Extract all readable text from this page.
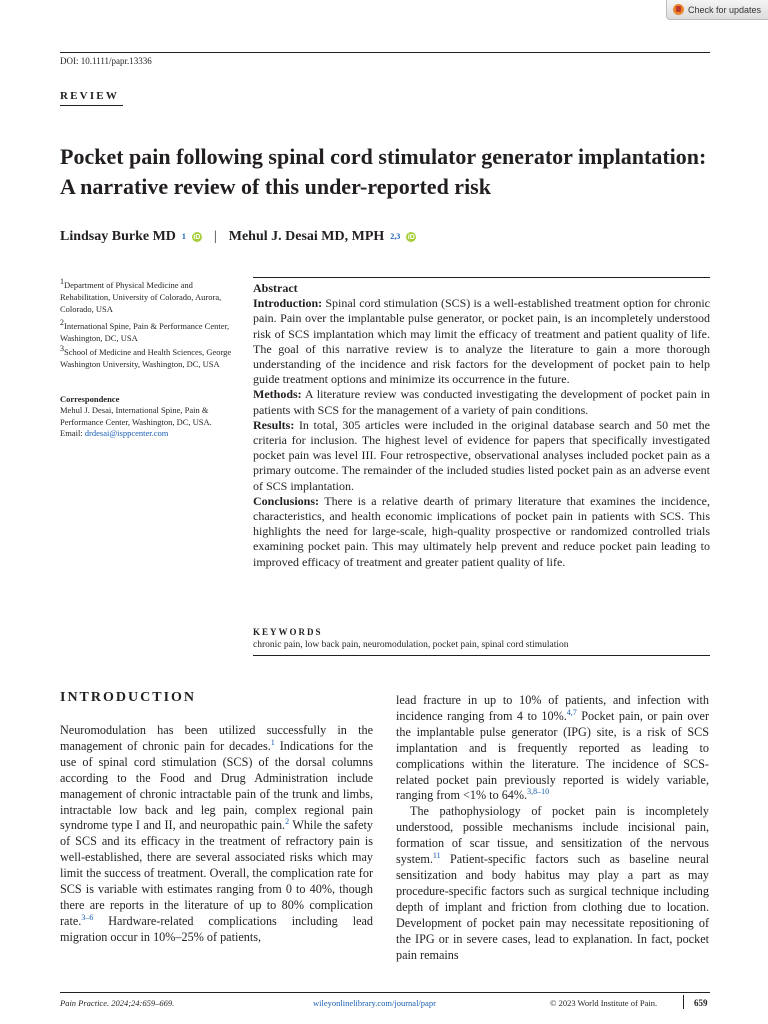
Check for updates
DOI: 10.1111/papr.13336
REVIEW
Pocket pain following spinal cord stimulator generator implantation: A narrative review of this under-reported risk
Lindsay Burke MD 1 iD | Mehul J. Desai MD, MPH 2,3 iD
$^1$Department of Physical Medicine and Rehabilitation, University of Colorado, Aurora, Colorado, USA
$^2$International Spine, Pain & Performance Center, Washington, DC, USA
$^3$School of Medicine and Health Sciences, George Washington University, Washington, DC, USA
Correspondence
Mehul J. Desai, International Spine, Pain & Performance Center, Washington, DC, USA.
Email: drdesai@isppcenter.com

Abstract

Introduction: Spinal cord stimulation (SCS) is a well-established treatment option for chronic pain. Pain over the implantable pulse generator, or pocket pain, is an incompletely understood risk of SCS implantation which may limit the efficacy of treatment and patient quality of life. The goal of this narrative review is to analyze the literature to gain a more thorough understanding of the incidence and risk factors for the development of pocket pain to help guide treatment options and minimize its occurrence in the future.

Methods: A literature review was conducted investigating the development of pocket pain in patients with SCS for the management of a variety of pain conditions.

Results: In total, 305 articles were included in the original database search and 50 met the criteria for inclusion. The highest level of evidence for papers that specifically investigated pocket pain was level III. Four retrospective, observational analyses included pocket pain as a primary outcome. The remainder of the included studies listed pocket pain as an adverse event of SCS implantation.

Conclusions: There is a relative dearth of primary literature that examines the incidence, characteristics, and health economic implications of pocket pain in patients with SCS. This highlights the need for large-scale, high-quality prospective or randomized controlled trials examining pocket pain. This may ultimately help prevent and reduce pocket pain leading to improved efficacy of treatment and greater patient quality of life.

KEYWORDS
chronic pain, low back pain, neuromodulation, pocket pain, spinal cord stimulation
INTRODUCTION

Neuromodulation has been utilized successfully in the management of chronic pain for decades.$^1$ Indications for the use of spinal cord stimulation (SCS) of the dorsal columns according to the Food and Drug Administration include management of chronic intractable pain of the trunk and limbs, intractable low back and leg pain, complex regional pain syndrome type I and II, and neuropathic pain.$^2$ While the safety of SCS and its efficacy in the treatment of refractory pain is well-established, there are several associated risks which may limit the success of treatment. Overall, the complication rate for SCS is variable with estimates ranging from 0 to 40%, though there are reports in the literature of up to 80% complication rate.$^{3-6}$ Hardware-related complications including lead migration occur in 10%–25% of patients,

lead fracture in up to 10% of patients, and infection with incidence ranging from 4 to 10%.$^{4,7}$ Pocket pain, or pain over the implantable pulse generator (IPG) site, is a risk of SCS implantation and is frequently reported as leading to complications within the literature. The incidence of SCS-related pocket pain previously reported is widely variable, ranging from <1% to 64%.$^{3,8-10}$

The pathophysiology of pocket pain is incompletely understood, possible mechanisms include incisional pain, formation of scar tissue, and sensitization of the nervous system.$^{11}$ Patient-specific factors such as baseline neural sensitization and body habitus may play a part as may procedure-specific factors such as surgical technique including depth of implant and friction from clothing due to location. Development of pocket pain may necessitate repositioning of the IPG or in severe cases, lead to explanation. In fact, pocket pain remains

Pain Practice. 2024;24:659–669.	wileyonlinelibrary.com/journal/papr	© 2023 World Institute of Pain.	659
